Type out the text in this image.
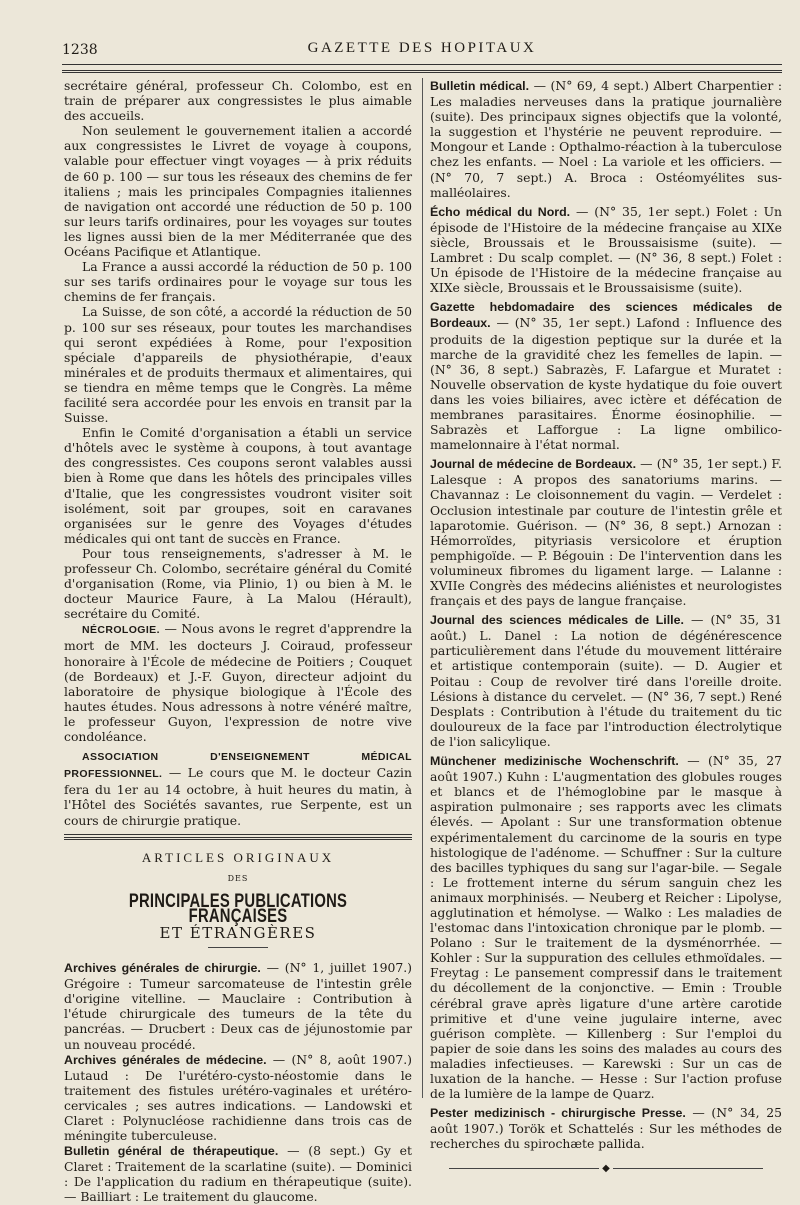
1238	GAZETTE DES HOPITAUX

secrétaire général, professeur Ch. Colombo, est en train de préparer aux congressistes le plus aimable des accueils.

Non seulement le gouvernement italien a accordé aux congressistes le Livret de voyage à coupons, valable pour effectuer vingt voyages — à prix réduits de 60 p. 100 — sur tous les réseaux des chemins de fer italiens ; mais les principales Compagnies italiennes de navigation ont accordé une réduction de 50 p. 100 sur leurs tarifs ordinaires, pour les voyages sur toutes les lignes aussi bien de la mer Méditerranée que des Océans Pacifique et Atlantique.

La France a aussi accordé la réduction de 50 p. 100 sur ses tarifs ordinaires pour le voyage sur tous les chemins de fer français.

La Suisse, de son côté, a accordé la réduction de 50 p. 100 sur ses réseaux, pour toutes les marchandises qui seront expédiées à Rome, pour l'exposition spéciale d'appareils de physiothérapie, d'eaux minérales et de produits thermaux et alimentaires, qui se tiendra en même temps que le Congrès. La même facilité sera accordée pour les envois en transit par la Suisse.

Enfin le Comité d'organisation a établi un service d'hôtels avec le système à coupons, à tout avantage des congressistes. Ces coupons seront valables aussi bien à Rome que dans les hôtels des principales villes d'Italie, que les congressistes voudront visiter soit isolément, soit par groupes, soit en caravanes organisées sur le genre des Voyages d'études médicales qui ont tant de succès en France.

Pour tous renseignements, s'adresser à M. le professeur Ch. Colombo, secrétaire général du Comité d'organisation (Rome, via Plinio, 1) ou bien à M. le docteur Maurice Faure, à La Malou (Hérault), secrétaire du Comité.

NÉCROLOGIE. — Nous avons le regret d'apprendre la mort de MM. les docteurs J. Coiraud, professeur honoraire à l'École de médecine de Poitiers ; Couquet (de Bordeaux) et J.-F. Guyon, directeur adjoint du laboratoire de physique biologique à l'École des hautes études. Nous adressons à notre vénéré maître, le professeur Guyon, l'expression de notre vive condoléance.

ASSOCIATION D'ENSEIGNEMENT MÉDICAL PROFESSIONNEL. — Le cours que M. le docteur Cazin fera du 1er au 14 octobre, à huit heures du matin, à l'Hôtel des Sociétés savantes, rue Serpente, est un cours de chirurgie pratique.

ARTICLES ORIGINAUX
DES
PRINCIPALES PUBLICATIONS FRANÇAISES
ET ÉTRANGÈRES

Archives générales de chirurgie. — (N° 1, juillet 1907.) Grégoire : Tumeur sarcomateuse de l'intestin grêle d'origine vitelline. — Mauclaire : Contribution à l'étude chirurgicale des tumeurs de la tête du pancréas. — Drucbert : Deux cas de jéjunostomie par un nouveau procédé.

Archives générales de médecine. — (N° 8, août 1907.) Lutaud : De l'urétéro-cysto-néostomie dans le traitement des fistules urétéro-vaginales et urétéro-cervicales ; ses autres indications. — Landowski et Claret : Polynucléose rachidienne dans trois cas de méningite tuberculeuse.

Bulletin général de thérapeutique. — (8 sept.) Gy et Claret : Traitement de la scarlatine (suite). — Dominici : De l'application du radium en thérapeutique (suite). — Bailliart : Le traitement du glaucome.

Bulletin médical. — (N° 69, 4 sept.) Albert Charpentier : Les maladies nerveuses dans la pratique journalière (suite). Des principaux signes objectifs que la volonté, la suggestion et l'hystérie ne peuvent reproduire. — Mongour et Lande : Opthalmo-réaction à la tuberculose chez les enfants. — Noel : La variole et les officiers. — (N° 70, 7 sept.) A. Broca : Ostéomyélites sus-malléolaires.

Écho médical du Nord. — (N° 35, 1er sept.) Folet : Un épisode de l'Histoire de la médecine française au XIXe siècle, Broussais et le Broussaisisme (suite). — Lambret : Du scalp complet. — (N° 36, 8 sept.) Folet : Un épisode de l'Histoire de la médecine française au XIXe siècle, Broussais et le Broussaisisme (suite).

Gazette hebdomadaire des sciences médicales de Bordeaux. — (N° 35, 1er sept.) Lafond : Influence des produits de la digestion peptique sur la durée et la marche de la gravidité chez les femelles de lapin. — (N° 36, 8 sept.) Sabrazès, F. Lafargue et Muratet : Nouvelle observation de kyste hydatique du foie ouvert dans les voies biliaires, avec ictère et défécation de membranes parasitaires. Énorme éosinophilie. — Sabrazès et Lafforgue : La ligne ombilico-mamelonnaire à l'état normal.

Journal de médecine de Bordeaux. — (N° 35, 1er sept.) F. Lalesque : A propos des sanatoriums marins. — Chavannaz : Le cloisonnement du vagin. — Verdelet : Occlusion intestinale par couture de l'intestin grêle et laparotomie. Guérison. — (N° 36, 8 sept.) Arnozan : Hémorroïdes, pityriasis versicolore et éruption pemphigoïde. — P. Bégouin : De l'intervention dans les volumineux fibromes du ligament large. — Lalanne : XVIIe Congrès des médecins aliénistes et neurologistes français et des pays de langue française.

Journal des sciences médicales de Lille. — (N° 35, 31 août.) L. Danel : La notion de dégénérescence particulièrement dans l'étude du mouvement littéraire et artistique contemporain (suite). — D. Augier et Poitau : Coup de revolver tiré dans l'oreille droite. Lésions à distance du cervelet. — (N° 36, 7 sept.) René Desplats : Contribution à l'étude du traitement du tic douloureux de la face par l'introduction électrolytique de l'ion salicylique.

Münchener medizinische Wochenschrift. — (N° 35, 27 août 1907.) Kuhn : L'augmentation des globules rouges et blancs et de l'hémoglobine par le masque à aspiration pulmonaire ; ses rapports avec les climats élevés. — Apolant : Sur une transformation obtenue expérimentalement du carcinome de la souris en type histologique de l'adénome. — Schuffner : Sur la culture des bacilles typhiques du sang sur l'agar-bile. — Segale : Le frottement interne du sérum sanguin chez les animaux morphinisés. — Neuberg et Reicher : Lipolyse, agglutination et hémolyse. — Walko : Les maladies de l'estomac dans l'intoxication chronique par le plomb. — Polano : Sur le traitement de la dysménorrhée. — Kohler : Sur la suppuration des cellules ethmoïdales. — Freytag : Le pansement compressif dans le traitement du décollement de la conjonctive. — Emin : Trouble cérébral grave après ligature d'une artère carotide primitive et d'une veine jugulaire interne, avec guérison complète. — Killenberg : Sur l'emploi du papier de soie dans les soins des malades au cours des maladies infectieuses. — Karewski : Sur un cas de luxation de la hanche. — Hesse : Sur l'action profuse de la lumière de la lampe de Quarz.

Pester medizinisch - chirurgische Presse. — (N° 34, 25 août 1907.) Torök et Schattelés : Sur les méthodes de recherches du spirochæte pallida.

◆
